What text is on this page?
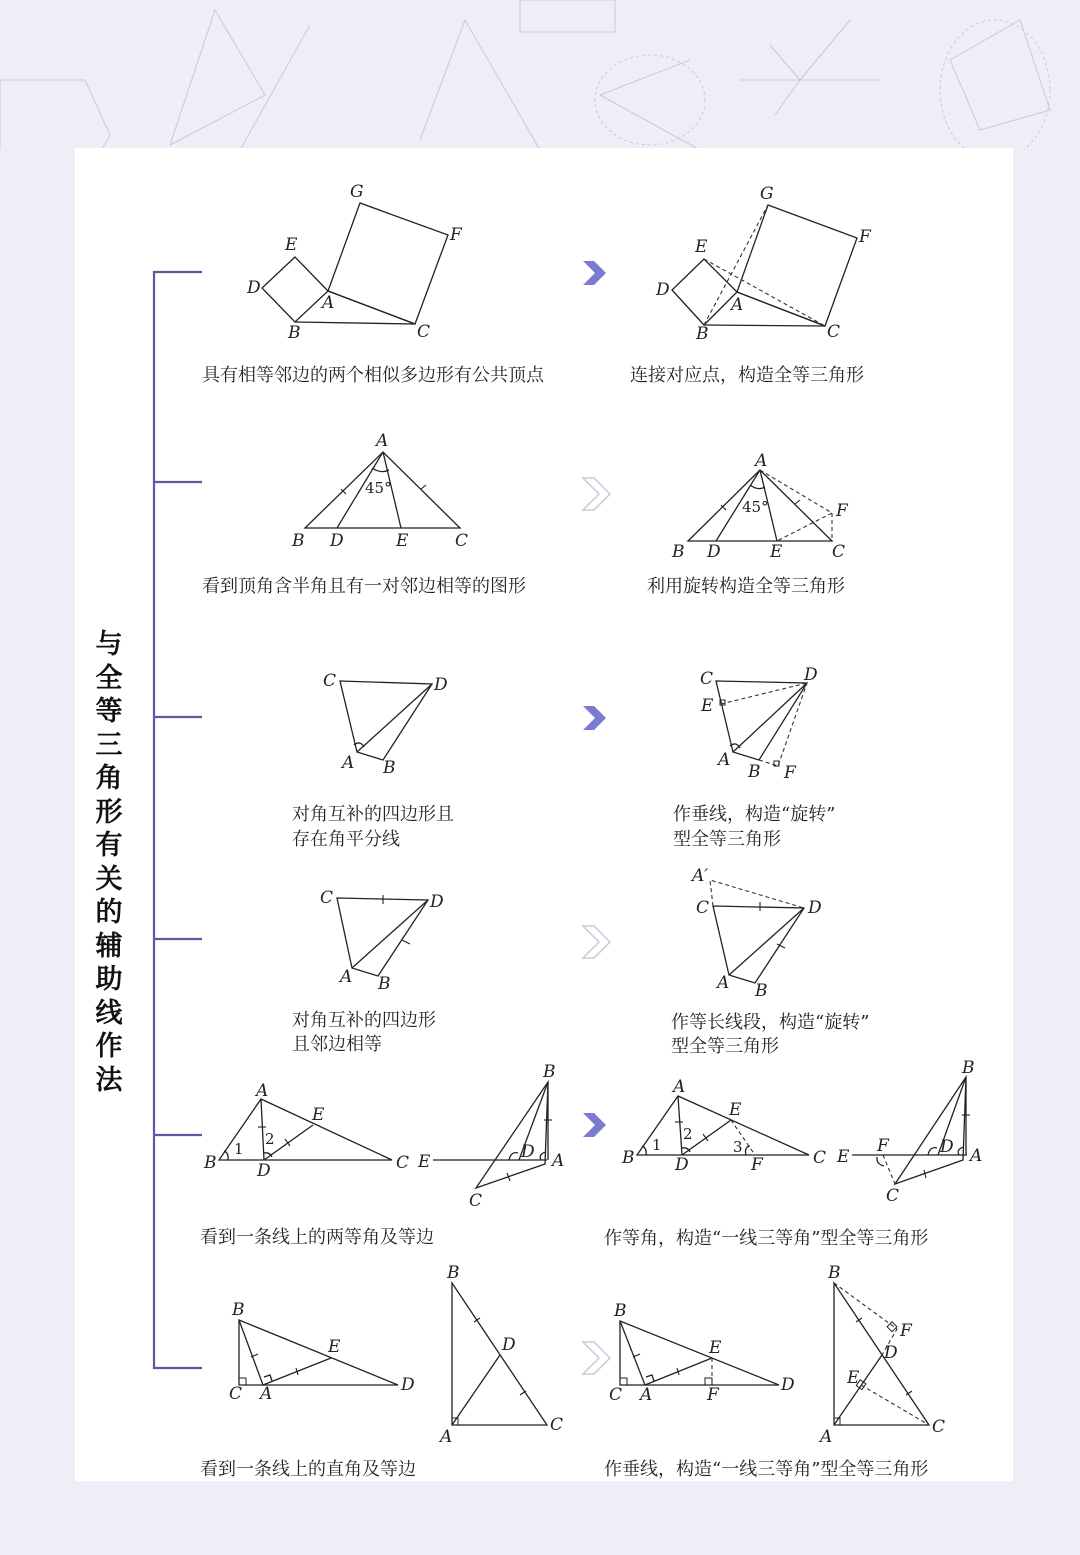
与全等三角形有关的辅助线作法
G
E	F
D
A
B	C
G
E	F
D
A
B	C
45°
A
B D	E	C
45°
A
F
B D	E	C
C	D
A B
C	D
E
A
B F
C	D
A B
A′
C	D
A B
1
2
A
E
B D	C
B
E	D A
C
1
2
3
A
E
B D	F	C
B
E
F	D A
C
B
E
C A	D
B
D
A
C
B
E
C A	F	D
B
F
D
E
A	C
具有相等邻边的两个相似多边形有公共顶点	连接对应点，构造全等三角形
看到顶角含半角且有一对邻边相等的图形	利用旋转构造全等三角形
对角互补的四边形且
存在角平分线
作垂线，构造“旋转”
型全等三角形
对角互补的四边形
且邻边相等
作等长线段，构造“旋转”
型全等三角形
看到一条线上的两等角及等边	作等角，构造“一线三等角”型全等三角形
看到一条线上的直角及等边	作垂线，构造“一线三等角”型全等三角形
